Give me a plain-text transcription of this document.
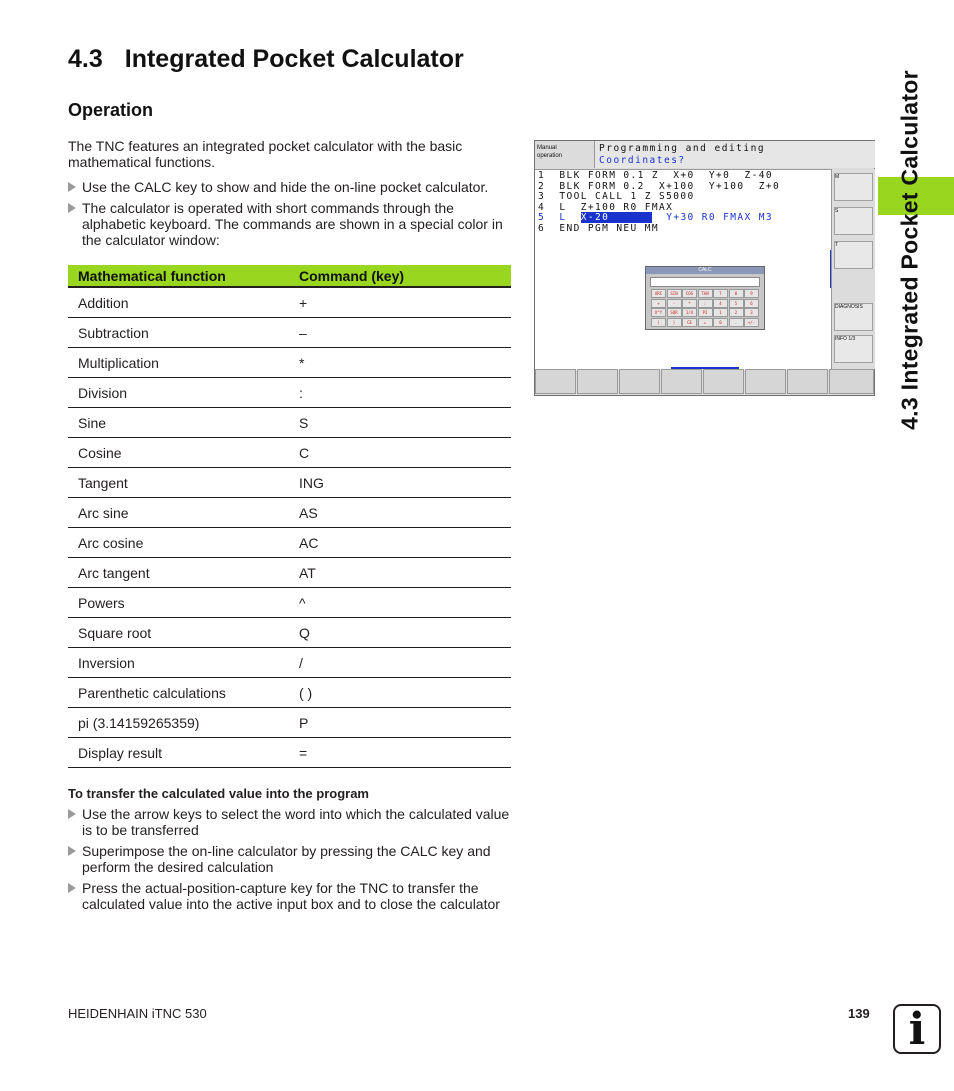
4.3 Integrated Pocket Calculator
Operation
The TNC features an integrated pocket calculator with the basic mathematical functions.
Use the CALC key to show and hide the on-line pocket calculator.
The calculator is operated with short commands through the alphabetic keyboard. The commands are shown in a special color in the calculator window:
Mathematical function	Command (key)
Addition	+
Subtraction	–
Multiplication	*
Division	:
Sine	S
Cosine	C
Tangent	ING
Arc sine	AS
Arc cosine	AC
Arc tangent	AT
Powers	^
Square root	Q
Inversion	/
Parenthetic calculations	( )
pi (3.14159265359)	P
Display result	=
To transfer the calculated value into the program
Use the arrow keys to select the word into which the calculated value is to be transferred
Superimpose the on-line calculator by pressing the CALC key and perform the desired calculation
Press the actual-position-capture key for the TNC to transfer the calculated value into the active input box and to close the calculator
4.3 Integrated Pocket Calculator
Manual
operation
Programming and editing
Coordinates?
1  BLK FORM 0.1 Z  X+0  Y+0  Z-40
2  BLK FORM 0.2  X+100  Y+100  Z+0
3  TOOL CALL 1 Z S5000
4  L  Z+100 R0 FMAX
5 L X-20	Y+30 R0 FMAX M3
6  END PGM NEU MM
CALC
ARC	SIN	COS	TAN	7	8	9
+	-	*	:	4	5	6
X^Y	SQR	1/X	PI	1	2	3
(	)	CE	=	0	.	+/-
M
S
T
DIAGNOSIS
INFO 1/3
HEIDENHAIN iTNC 530	139 i
